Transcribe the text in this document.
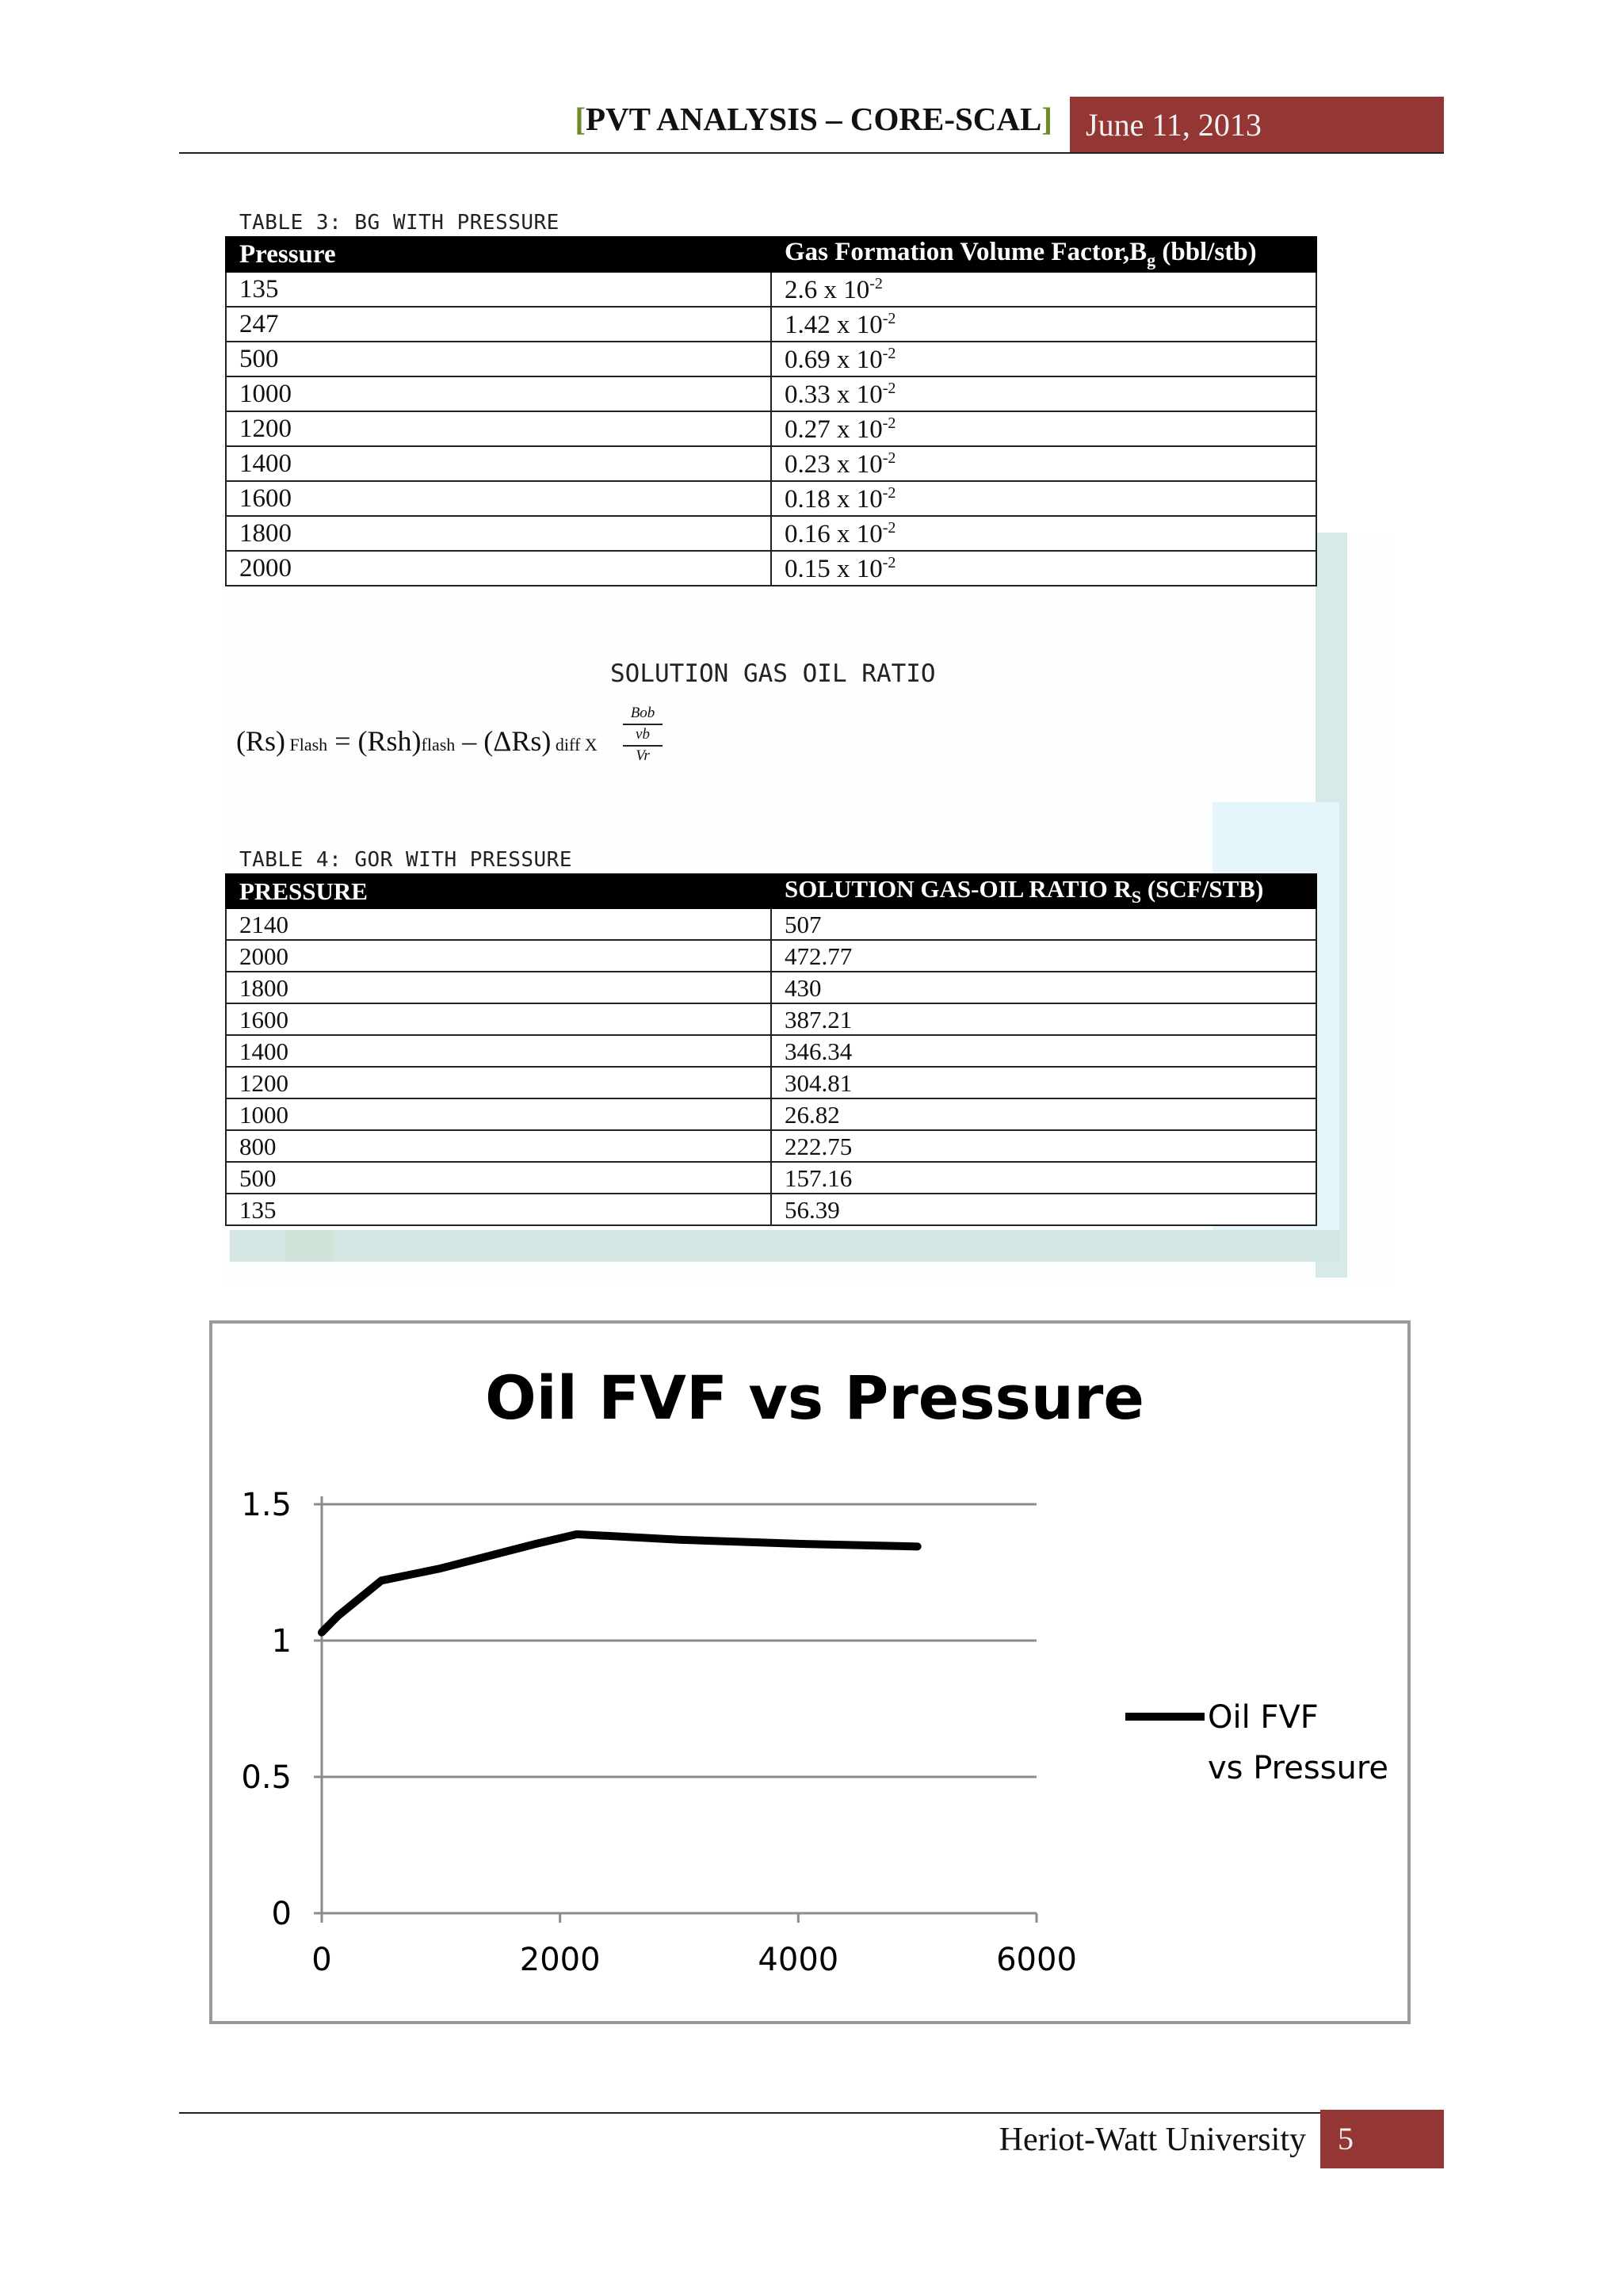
[PVT ANALYSIS – CORE-SCAL]	June 11, 2013
TABLE 3: BG WITH PRESSURE
Pressure	Gas Formation Volume $Factor,B_g$ (bbl/stb)
135	2.6 x $10^{-2}$
247	1.42 x $10^{-2}$
500	0.69 x $10^{-2}$
1000	0.33 x $10^{-2}$
1200	0.27 x $10^{-2}$
1400	0.23 x $10^{-2}$
1600	0.18 x $10^{-2}$
1800	0.16 x $10^{-2}$
2000	0.15 x $10^{-2}$
SOLUTION GAS OIL RATIO
(Rs) Flash = (Rsh)flash – (ΔRs) diff X
Bob
vb
Vr
TABLE 4: GOR WITH PRESSURE
PRESSURE	SOLUTION GAS-OIL RATIO $R_S$ (SCF/STB)
2140	507
2000	472.77
1800	430
1600	387.21
1400	346.34
1200	304.81
1000	26.82
800	222.75
500	157.16
135	56.39
Oil FVF vs Pressure
0
0.5
1
1.5
0	2000	4000	6000
Oil FVF
vs Pressure
Heriot-Watt University	5
